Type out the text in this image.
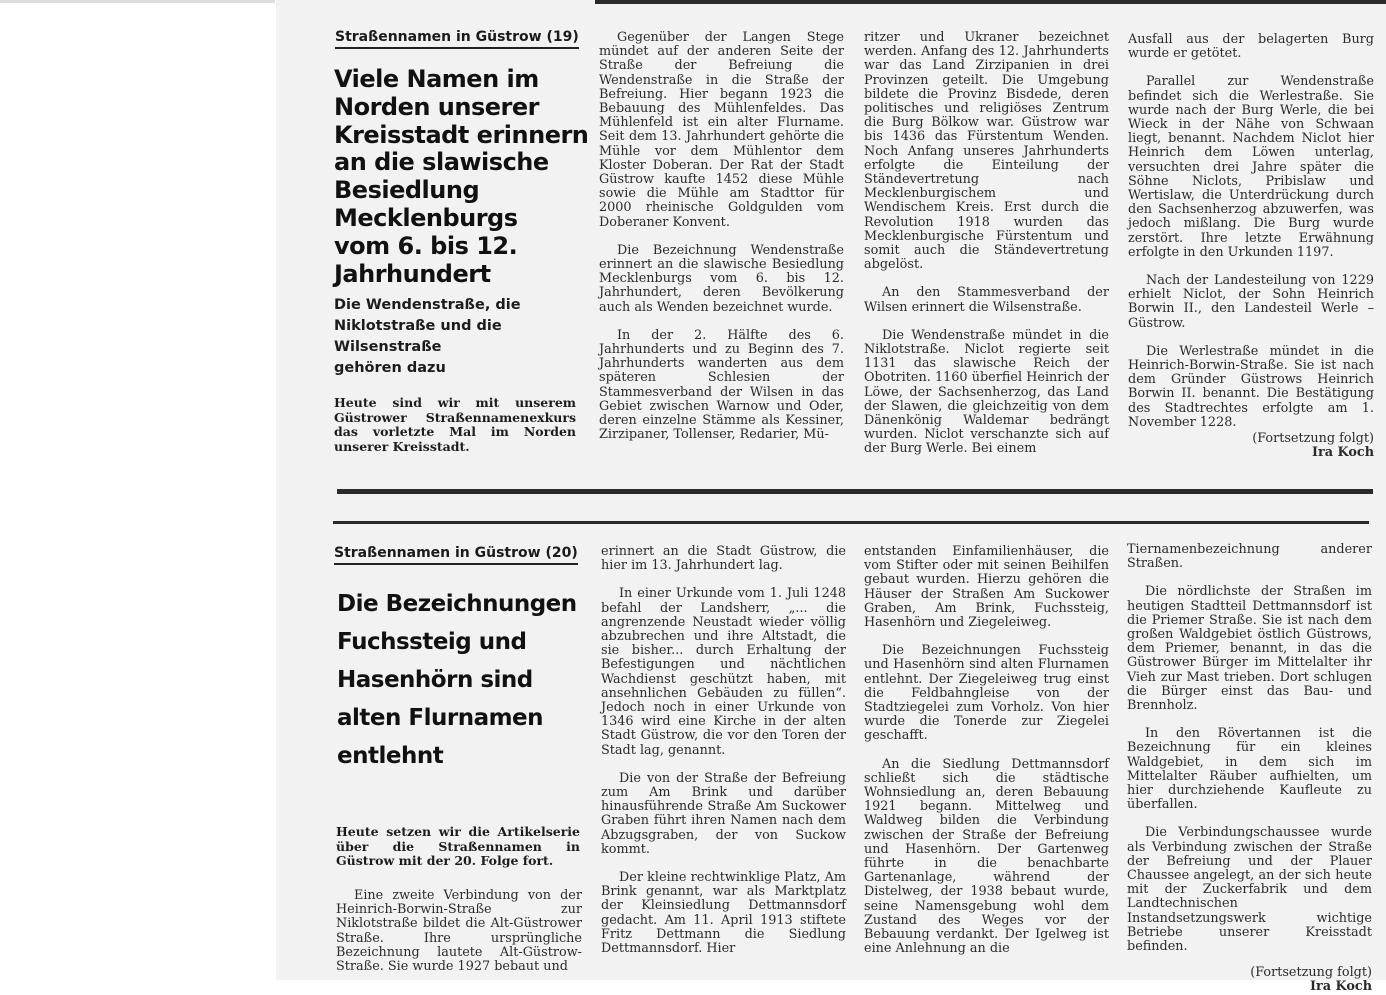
Straßennamen in Güstrow (19)
Viele Namen im
Norden unserer
Kreisstadt erinnern
an die slawische
Besiedlung
Mecklenburgs
vom 6. bis 12.
Jahrhundert
Die Wendenstraße, die
Niklotstraße und die
Wilsenstraße
gehören dazu
Heute sind wir mit unserem Güstrower Straßennamenexkurs das vorletzte Mal im Norden unserer Kreisstadt.

Gegenüber der Langen Stege mündet auf der anderen Seite der Straße der Befreiung die Wendenstraße in die Straße der Befreiung. Hier begann 1923 die Bebauung des Mühlenfeldes. Das Mühlenfeld ist ein alter Flurname. Seit dem 13. Jahrhundert gehörte die Mühle vor dem Mühlentor dem Kloster Doberan. Der Rat der Stadt Güstrow kaufte 1452 diese Mühle sowie die Mühle am Stadttor für 2000 rheinische Goldgulden vom Doberaner Konvent.

Die Bezeichnung Wendenstraße erinnert an die slawische Besiedlung Mecklenburgs vom 6. bis 12. Jahrhundert, deren Bevölkerung auch als Wenden bezeichnet wurde.

In der 2. Hälfte des 6. Jahrhunderts und zu Beginn des 7. Jahrhunderts wanderten aus dem späteren Schlesien der Stammesverband der Wilsen in das Gebiet zwischen Warnow und Oder, deren einzelne Stämme als Kessiner, Zirzipaner, Tollenser, Redarier, Mü-

ritzer und Ukraner bezeichnet werden. Anfang des 12. Jahrhunderts war das Land Zirzipanien in drei Provinzen geteilt. Die Umgebung bildete die Provinz Bisdede, deren politisches und religiöses Zentrum die Burg Bölkow war. Güstrow war bis 1436 das Fürstentum Wenden. Noch Anfang unseres Jahrhunderts erfolgte die Einteilung der Ständevertretung nach Mecklenburgischem und Wendischem Kreis. Erst durch die Revolution 1918 wurden das Mecklenburgische Fürstentum und somit auch die Ständevertretung abgelöst.

An den Stammesverband der Wilsen erinnert die Wilsenstraße.

Die Wendenstraße mündet in die Niklotstraße. Niclot regierte seit 1131 das slawische Reich der Obotriten. 1160 überfiel Heinrich der Löwe, der Sachsenherzog, das Land der Slawen, die gleichzeitig von dem Dänenkönig Waldemar bedrängt wurden. Niclot verschanzte sich auf der Burg Werle. Bei einem

Ausfall aus der belagerten Burg wurde er getötet.

Parallel zur Wendenstraße befindet sich die Werlestraße. Sie wurde nach der Burg Werle, die bei Wieck in der Nähe von Schwaan liegt, benannt. Nachdem Niclot hier Heinrich dem Löwen unterlag, versuchten drei Jahre später die Söhne Niclots, Pribislaw und Wertislaw, die Unterdrückung durch den Sachsenherzog abzuwerfen, was jedoch mißlang. Die Burg wurde zerstört. Ihre letzte Erwähnung erfolgte in den Urkunden 1197.

Nach der Landesteilung von 1229 erhielt Niclot, der Sohn Heinrich Borwin II., den Landesteil Werle – Güstrow.

Die Werlestraße mündet in die Heinrich-Borwin-Straße. Sie ist nach dem Gründer Güstrows Heinrich Borwin II. benannt. Die Bestätigung des Stadtrechtes erfolgte am 1. November 1228.

(Fortsetzung folgt)
Ira Koch
Straßennamen in Güstrow (20)
Die Bezeichnungen
Fuchssteig und
Hasenhörn sind
alten Flurnamen
entlehnt
Heute setzen wir die Artikelserie über die Straßennamen in Güstrow mit der 20. Folge fort.

Eine zweite Verbindung von der Heinrich-Borwin-Straße zur Niklotstraße bildet die Alt-Güstrower Straße. Ihre ursprüngliche Bezeichnung lautete Alt-Güstrow-Straße. Sie wurde 1927 bebaut und

erinnert an die Stadt Güstrow, die hier im 13. Jahrhundert lag.

In einer Urkunde vom 1. Juli 1248 befahl der Landsherr, „... die angrenzende Neustadt wieder völlig abzubrechen und ihre Altstadt, die sie bisher... durch Erhaltung der Befestigungen und nächtlichen Wachdienst geschützt haben, mit ansehnlichen Gebäuden zu füllen“. Jedoch noch in einer Urkunde von 1346 wird eine Kirche in der alten Stadt Güstrow, die vor den Toren der Stadt lag, genannt.

Die von der Straße der Befreiung zum Am Brink und darüber hinausführende Straße Am Suckower Graben führt ihren Namen nach dem Abzugsgraben, der von Suckow kommt.

Der kleine rechtwinklige Platz, Am Brink genannt, war als Marktplatz der Kleinsiedlung Dettmannsdorf gedacht. Am 11. April 1913 stiftete Fritz Dettmann die Siedlung Dettmannsdorf. Hier

entstanden Einfamilienhäuser, die vom Stifter oder mit seinen Beihilfen gebaut wurden. Hierzu gehören die Häuser der Straßen Am Suckower Graben, Am Brink, Fuchssteig, Hasenhörn und Ziegeleiweg.

Die Bezeichnungen Fuchssteig und Hasenhörn sind alten Flurnamen entlehnt. Der Ziegeleiweg trug einst die Feldbahngleise von der Stadtziegelei zum Vorholz. Von hier wurde die Tonerde zur Ziegelei geschafft.

An die Siedlung Dettmannsdorf schließt sich die städtische Wohnsiedlung an, deren Bebauung 1921 begann. Mittelweg und Waldweg bilden die Verbindung zwischen der Straße der Befreiung und Hasenhörn. Der Gartenweg führte in die benachbarte Gartenanlage, während der Distelweg, der 1938 bebaut wurde, seine Namensgebung wohl dem Zustand des Weges vor der Bebauung verdankt. Der Igelweg ist eine Anlehnung an die

Tiernamenbezeichnung anderer Straßen.

Die nördlichste der Straßen im heutigen Stadtteil Dettmannsdorf ist die Priemer Straße. Sie ist nach dem großen Waldgebiet östlich Güstrows, dem Priemer, benannt, in das die Güstrower Bürger im Mittelalter ihr Vieh zur Mast trieben. Dort schlugen die Bürger einst das Bau- und Brennholz.

In den Rövertannen ist die Bezeichnung für ein kleines Waldgebiet, in dem sich im Mittelalter Räuber aufhielten, um hier durchziehende Kaufleute zu überfallen.

Die Verbindungschaussee wurde als Verbindung zwischen der Straße der Befreiung und der Plauer Chaussee angelegt, an der sich heute mit der Zuckerfabrik und dem Landtechnischen Instandsetzungswerk wichtige Betriebe unserer Kreisstadt befinden.

(Fortsetzung folgt)
Ira Koch
